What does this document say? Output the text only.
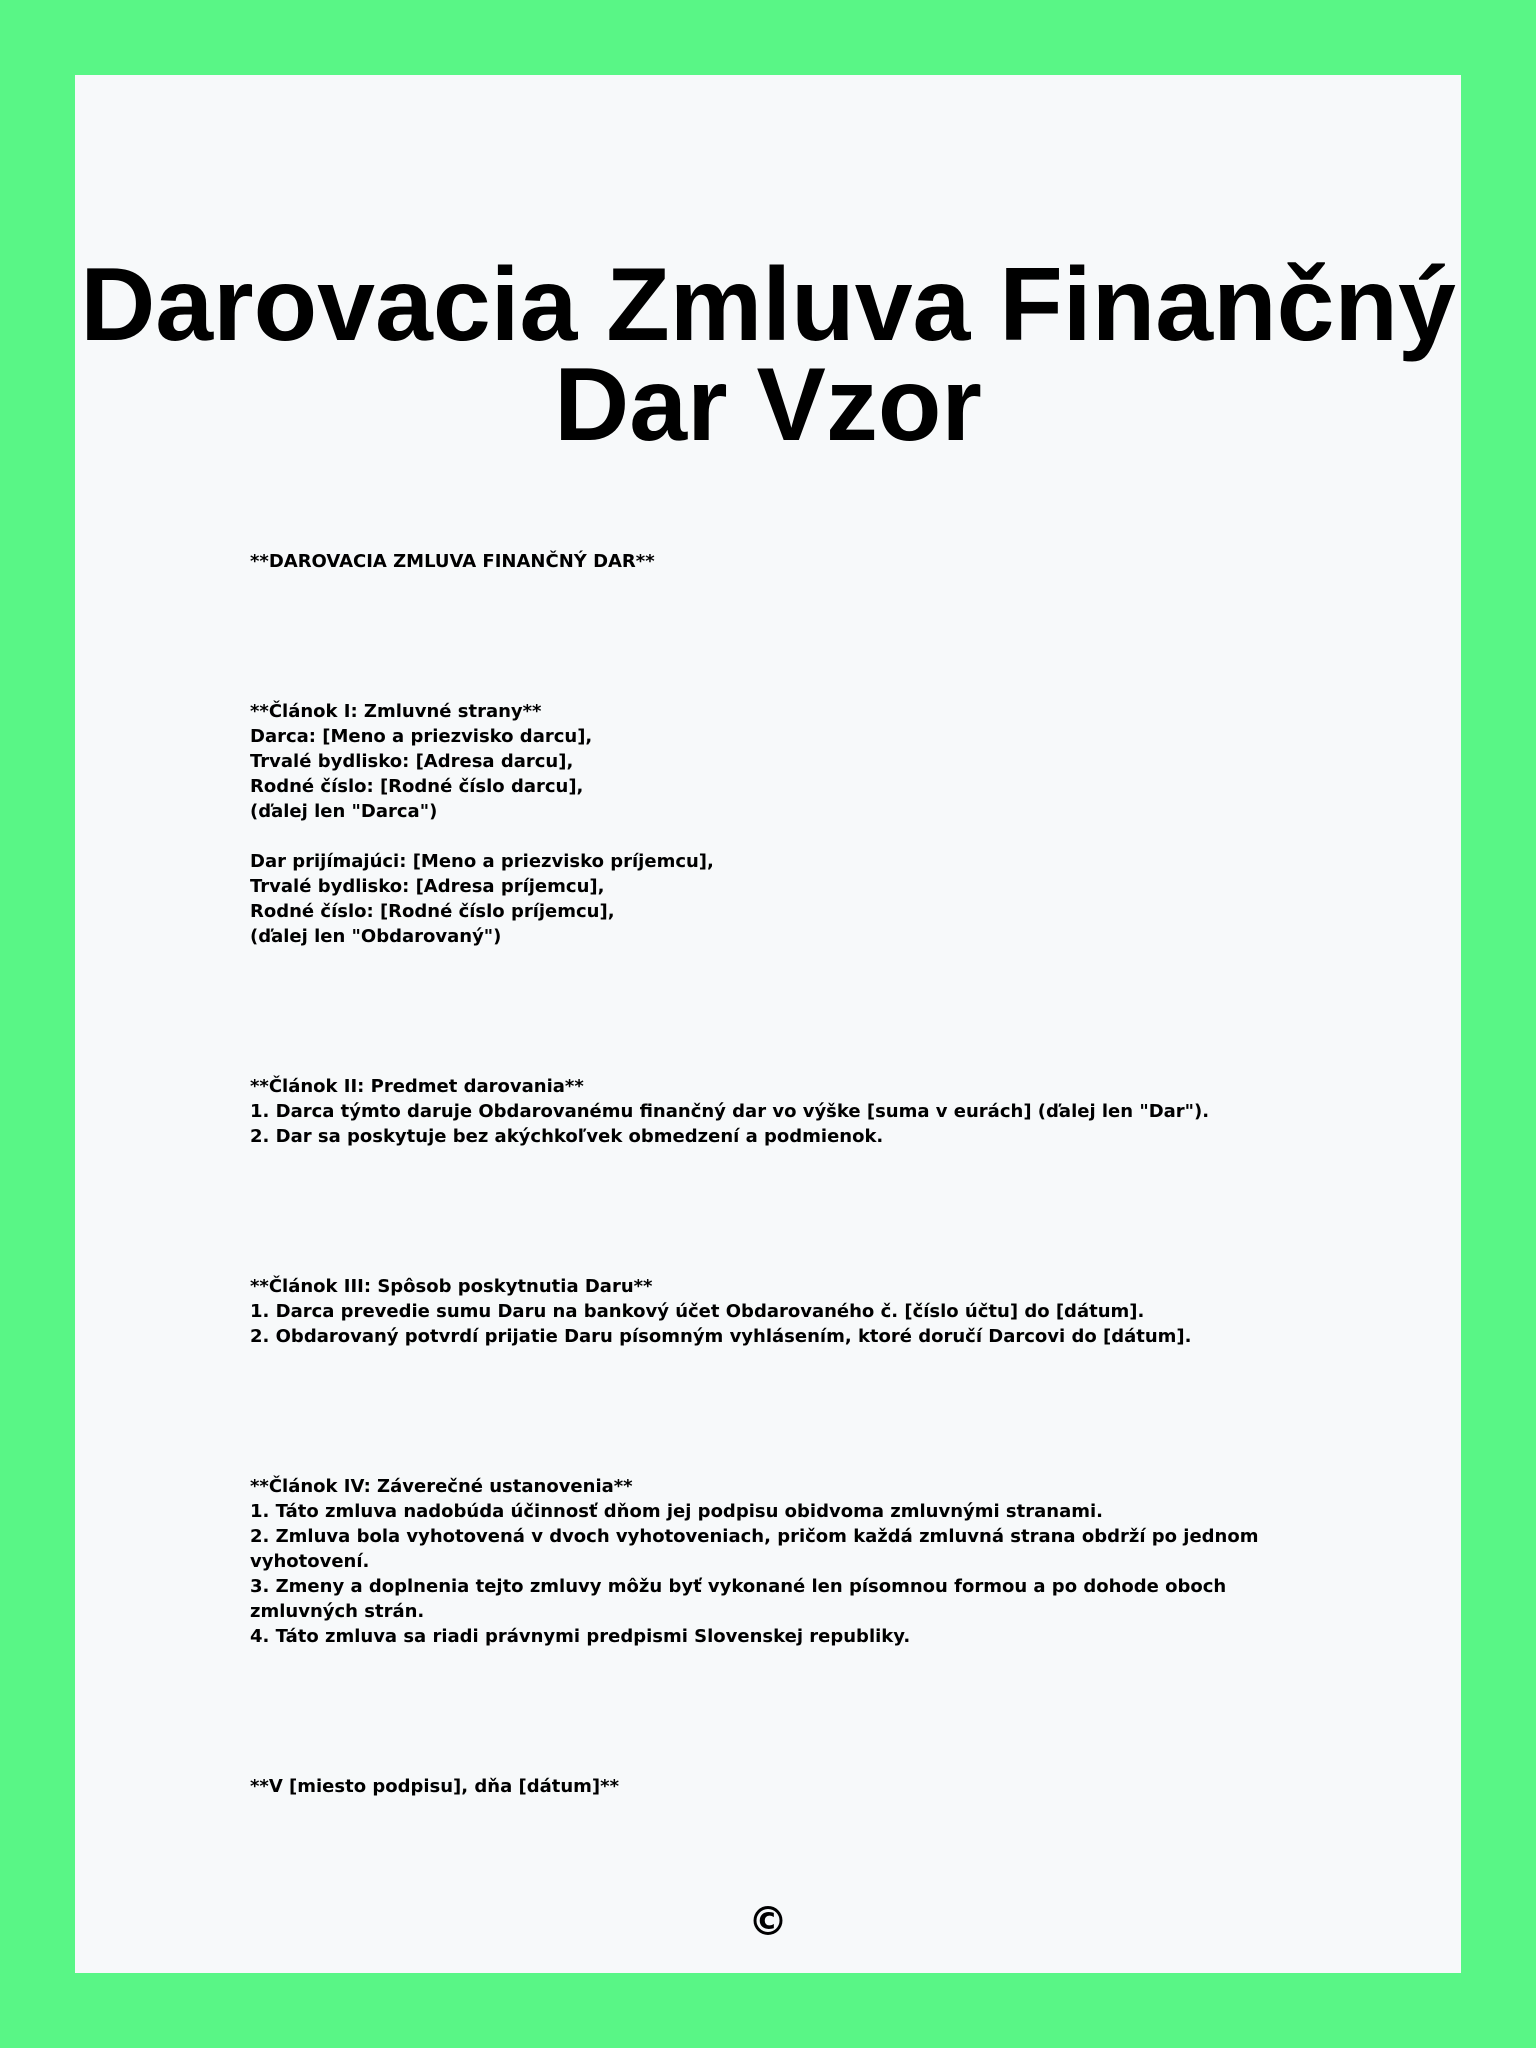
Darovacia Zmluva Finančný Dar Vzor
**DAROVACIA ZMLUVA FINANČNÝ DAR**
**Článok I: Zmluvné strany**
Darca: [Meno a priezvisko darcu],
Trvalé bydlisko: [Adresa darcu],
Rodné číslo: [Rodné číslo darcu],
(ďalej len "Darca")
Dar prijímajúci: [Meno a priezvisko príjemcu],
Trvalé bydlisko: [Adresa príjemcu],
Rodné číslo: [Rodné číslo príjemcu],
(ďalej len "Obdarovaný")
**Článok II: Predmet darovania**
1. Darca týmto daruje Obdarovanému finančný dar vo výške [suma v eurách] (ďalej len "Dar").
2. Dar sa poskytuje bez akýchkoľvek obmedzení a podmienok.
**Článok III: Spôsob poskytnutia Daru**
1. Darca prevedie sumu Daru na bankový účet Obdarovaného č. [číslo účtu] do [dátum].
2. Obdarovaný potvrdí prijatie Daru písomným vyhlásením, ktoré doručí Darcovi do [dátum].
**Článok IV: Záverečné ustanovenia**
1. Táto zmluva nadobúda účinnosť dňom jej podpisu obidvoma zmluvnými stranami.
2. Zmluva bola vyhotovená v dvoch vyhotoveniach, pričom každá zmluvná strana obdrží po jednom vyhotovení.
3. Zmeny a doplnenia tejto zmluvy môžu byť vykonané len písomnou formou a po dohode oboch zmluvných strán.
4. Táto zmluva sa riadi právnymi predpismi Slovenskej republiky.
**V [miesto podpisu], dňa [dátum]**
©
